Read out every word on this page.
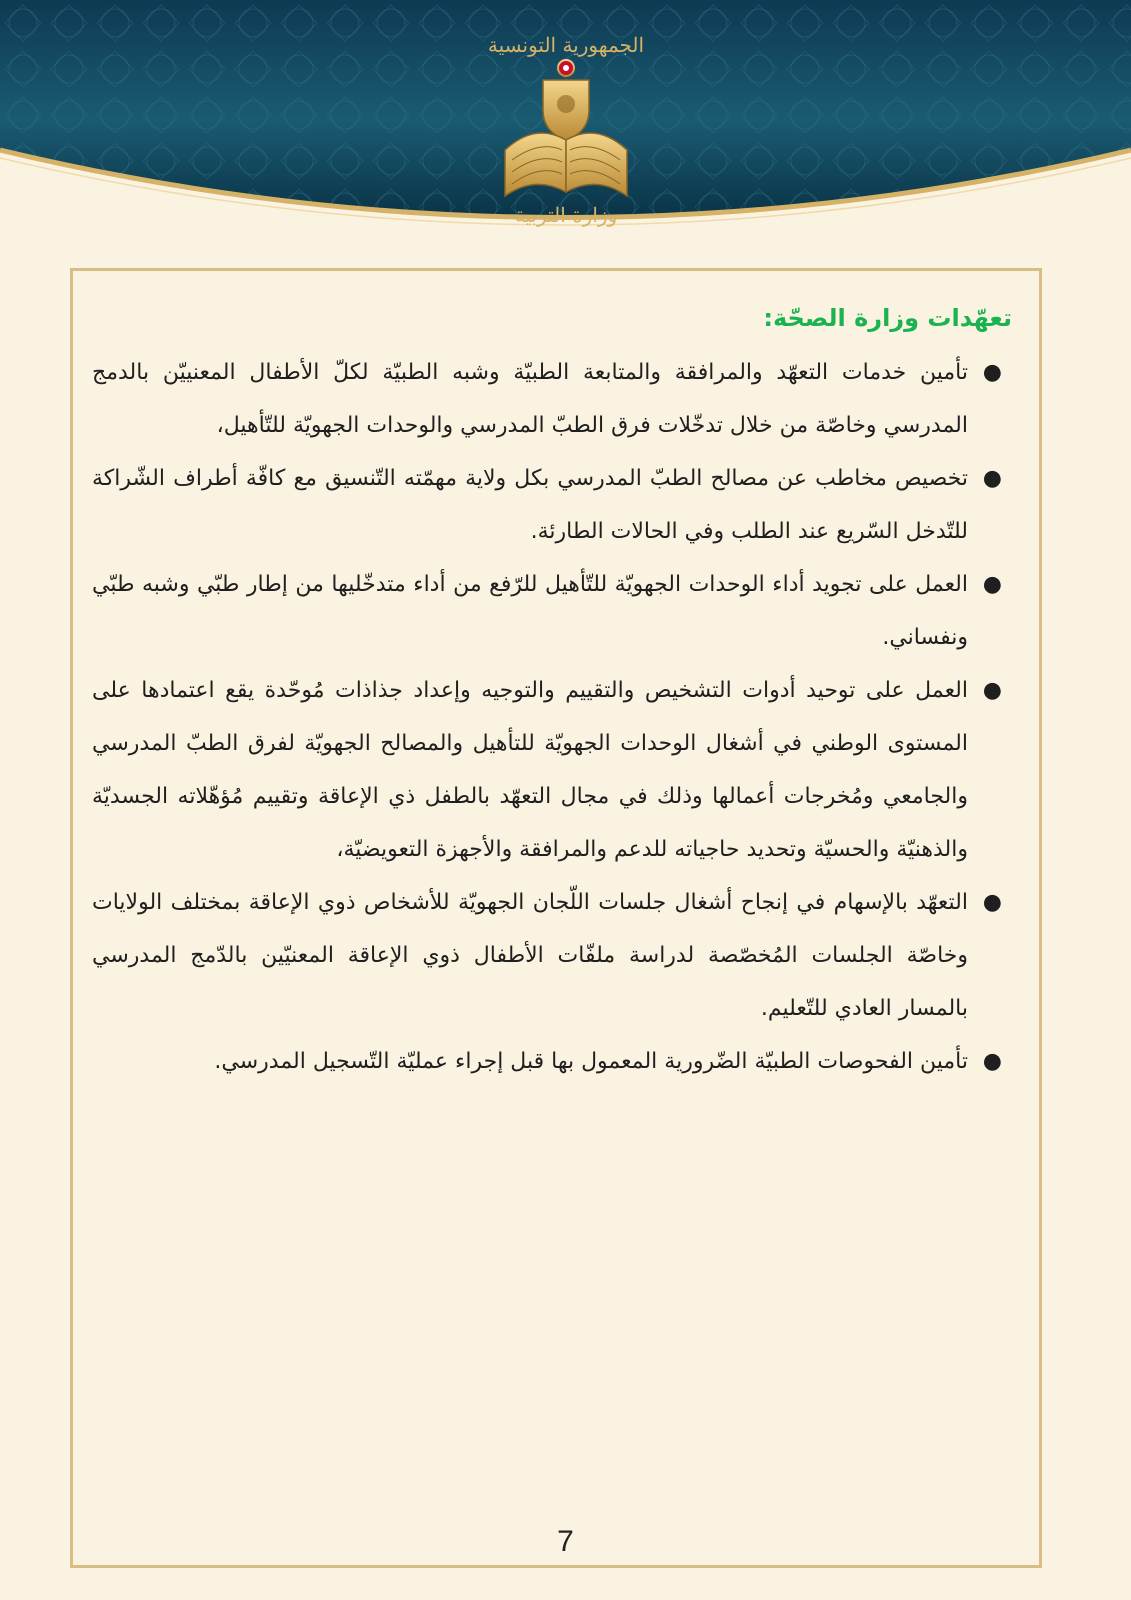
الجمهورية التونسية
وزارة التربية
تعهّدات وزارة الصحّة:
●
تأمين خدمات التعهّد والمرافقة والمتابعة الطبيّة وشبه الطبيّة لكلّ الأطفال المعنييّن بالدمج المدرسي وخاصّة من خلال تدخّلات فرق الطبّ المدرسي والوحدات الجهويّة للتّأهيل،
●
تخصيص مخاطب عن مصالح الطبّ المدرسي بكل ولاية مهمّته التّنسيق مع كافّة أطراف الشّراكة للتّدخل السّريع عند الطلب وفي الحالات الطارئة.
●
العمل على تجويد أداء الوحدات الجهويّة للتّأهيل للرّفع من أداء متدخّليها من إطار طبّي وشبه طبّي ونفساني.
●
العمل على توحيد أدوات التشخيص والتقييم والتوجيه وإعداد جذاذات مُوحّدة يقع اعتمادها على المستوى الوطني في أشغال الوحدات الجهويّة للتأهيل والمصالح الجهويّة لفرق الطبّ المدرسي والجامعي ومُخرجات أعمالها وذلك في مجال التعهّد بالطفل ذي الإعاقة وتقييم مُؤهّلاته الجسديّة والذهنيّة والحسيّة وتحديد حاجياته للدعم والمرافقة والأجهزة التعويضيّة،
●
التعهّد بالإسهام في إنجاح أشغال جلسات اللّجان الجهويّة للأشخاص ذوي الإعاقة بمختلف الولايات وخاصّة الجلسات المُخصّصة لدراسة ملفّات الأطفال ذوي الإعاقة المعنيّين بالدّمج المدرسي بالمسار العادي للتّعليم.
●
تأمين الفحوصات الطبيّة الضّرورية المعمول بها قبل إجراء عمليّة التّسجيل المدرسي.
7
